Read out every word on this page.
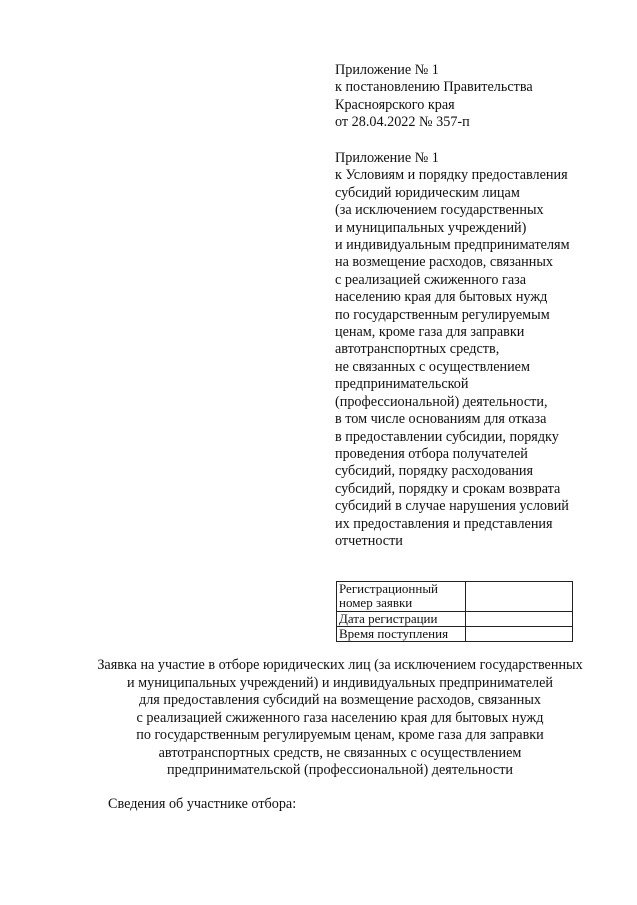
Приложение № 1
к постановлению Правительства
Красноярского края
от 28.04.2022 № 357-п
Приложение № 1
к Условиям и порядку предоставления
субсидий юридическим лицам
(за исключением государственных
и муниципальных учреждений)
и индивидуальным предпринимателям
на возмещение расходов, связанных
с реализацией сжиженного газа
населению края для бытовых нужд
по государственным регулируемым
ценам, кроме газа для заправки
автотранспортных средств,
не связанных с осуществлением
предпринимательской
(профессиональной) деятельности,
в том числе основаниям для отказа
в предоставлении субсидии, порядку
проведения отбора получателей
субсидий, порядку расходования
субсидий, порядку и срокам возврата
субсидий в случае нарушения условий
их предоставления и представления
отчетности
Регистрационный
номер заявки	
Дата регистрации	
Время поступления	
Заявка на участие в отборе юридических лиц (за исключением государственных
и муниципальных учреждений) и индивидуальных предпринимателей
для предоставления субсидий на возмещение расходов, связанных
с реализацией сжиженного газа населению края для бытовых нужд
по государственным регулируемым ценам, кроме газа для заправки
автотранспортных средств, не связанных с осуществлением
предпринимательской (профессиональной) деятельности
Сведения об участнике отбора:
